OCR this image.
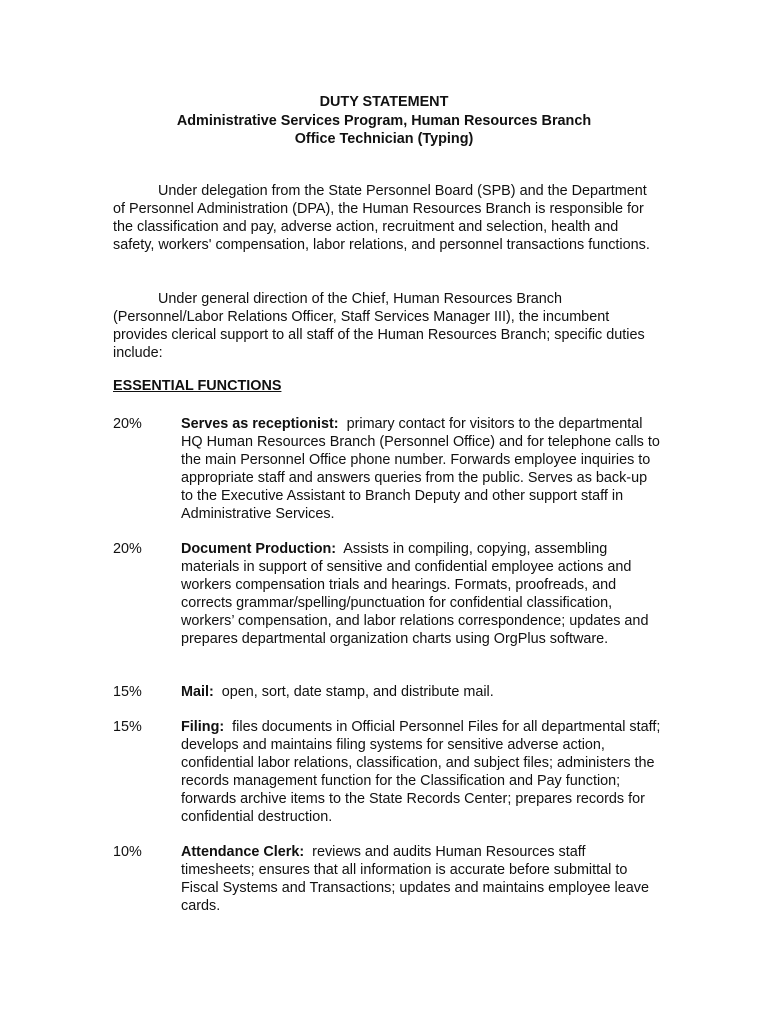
DUTY STATEMENT
Administrative Services Program, Human Resources Branch
Office Technician (Typing)

Under delegation from the State Personnel Board (SPB) and the Department of Personnel Administration (DPA), the Human Resources Branch is responsible for the classification and pay, adverse action, recruitment and selection, health and safety, workers' compensation, labor relations, and personnel transactions functions.

Under general direction of the Chief, Human Resources Branch (Personnel/Labor Relations Officer, Staff Services Manager III), the incumbent provides clerical support to all staff of the Human Resources Branch; specific duties include:

ESSENTIAL FUNCTIONS

20%	Serves as receptionist: primary contact for visitors to the departmental HQ Human Resources Branch (Personnel Office) and for telephone calls to the main Personnel Office phone number. Forwards employee inquiries to appropriate staff and answers queries from the public. Serves as back-up to the Executive Assistant to Branch Deputy and other support staff in Administrative Services.
20%	Document Production: Assists in compiling, copying, assembling materials in support of sensitive and confidential employee actions and workers compensation trials and hearings. Formats, proofreads, and corrects grammar/spelling/punctuation for confidential classification, workers’ compensation, and labor relations correspondence; updates and prepares departmental organization charts using OrgPlus software.
15%	Mail: open, sort, date stamp, and distribute mail.
15%	Filing: files documents in Official Personnel Files for all departmental staff; develops and maintains filing systems for sensitive adverse action, confidential labor relations, classification, and subject files; administers the records management function for the Classification and Pay function; forwards archive items to the State Records Center; prepares records for confidential destruction.
10%	Attendance Clerk: reviews and audits Human Resources staff timesheets; ensures that all information is accurate before submittal to Fiscal Systems and Transactions; updates and maintains employee leave cards.
